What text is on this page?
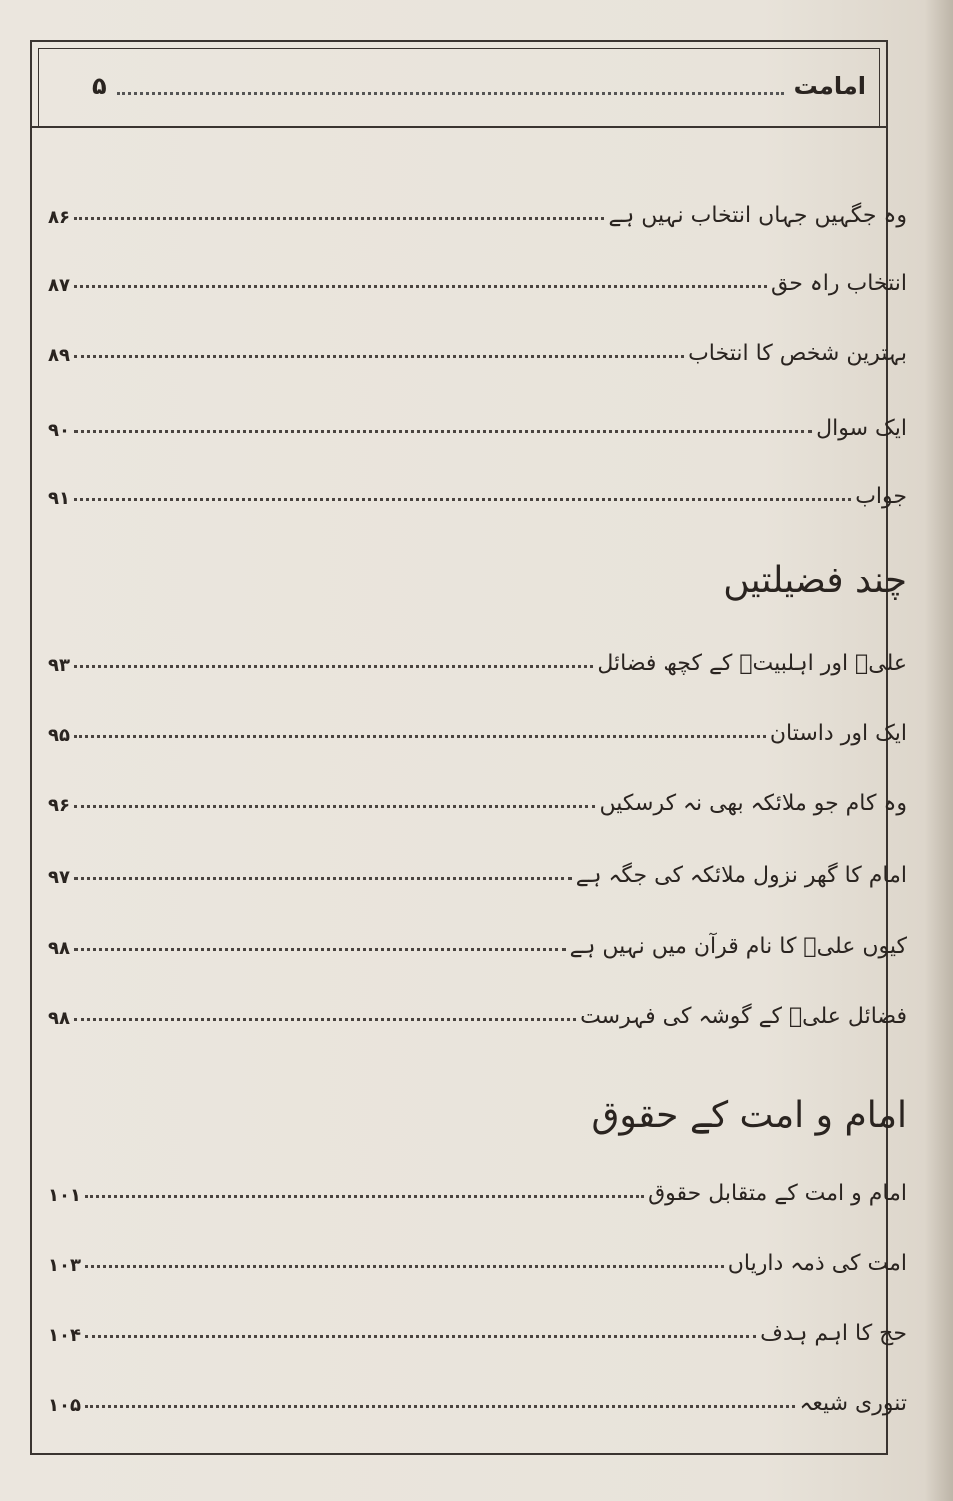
امامت
۵
وہ جگہیں جہاں انتخاب نہیں ہے
۸۶
انتخاب راہ حق
۸۷
بہترین شخص کا انتخاب
۸۹
ایک سوال
۹۰
جواب
۹۱
علیؑ اور اہلبیتؑ کے کچھ فضائل
۹۳
ایک اور داستان
۹۵
وہ کام جو ملائکہ بھی نہ کرسکیں
۹۶
امام کا گھر نزول ملائکہ کی جگہ ہے
۹۷
کیوں علیؑ کا نام قرآن میں نہیں ہے
۹۸
فضائل علیؑ کے گوشہ کی فہرست
۹۸
امام و امت کے متقابل حقوق
۱۰۱
امت کی ذمہ داریاں
۱۰۳
حج کا اہم ہدف
۱۰۴
تنوری شیعہ
۱۰۵
چند فضیلتیں
امام و امت کے حقوق
